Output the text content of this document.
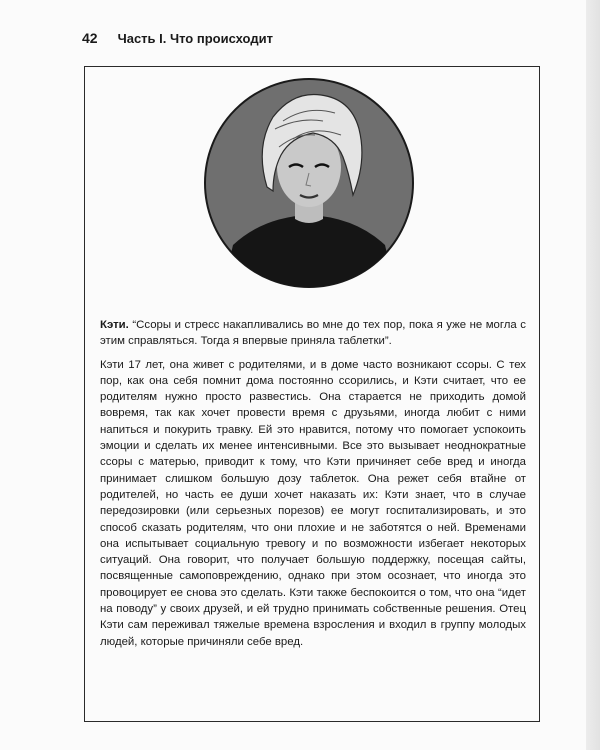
42 Часть I. Что происходит

Кэти. “Ссоры и стресс накапливались во мне до тех пор, пока я уже не могла с этим справляться. Тогда я впервые приняла таблетки”.

Кэти 17 лет, она живет с родителями, и в доме часто возникают ссоры. С тех пор, как она себя помнит дома постоянно ссорились, и Кэти считает, что ее родителям нужно просто развестись. Она старается не приходить домой вовремя, так как хочет провести время с друзьями, иногда любит с ними напиться и покурить травку. Ей это нравится, потому что помогает успокоить эмоции и сделать их менее интенсивными. Все это вызывает неоднократные ссоры с матерью, приводит к тому, что Кэти причиняет себе вред и иногда принимает слишком большую дозу таблеток. Она режет себя втайне от родителей, но часть ее души хочет наказать их: Кэти знает, что в случае передозировки (или серьезных порезов) ее могут госпитализировать, и это способ сказать родителям, что они плохие и не заботятся о ней. Временами она испытывает социальную тревогу и по возможности избегает некоторых ситуаций. Она говорит, что получает большую поддержку, посещая сайты, посвященные самоповреждению, однако при этом осознает, что иногда это провоцирует ее снова это сделать. Кэти также беспокоится о том, что она “идет на поводу” у своих друзей, и ей трудно принимать собственные решения. Отец Кэти сам переживал тяжелые времена взросления и входил в группу молодых людей, которые причиняли себе вред.
